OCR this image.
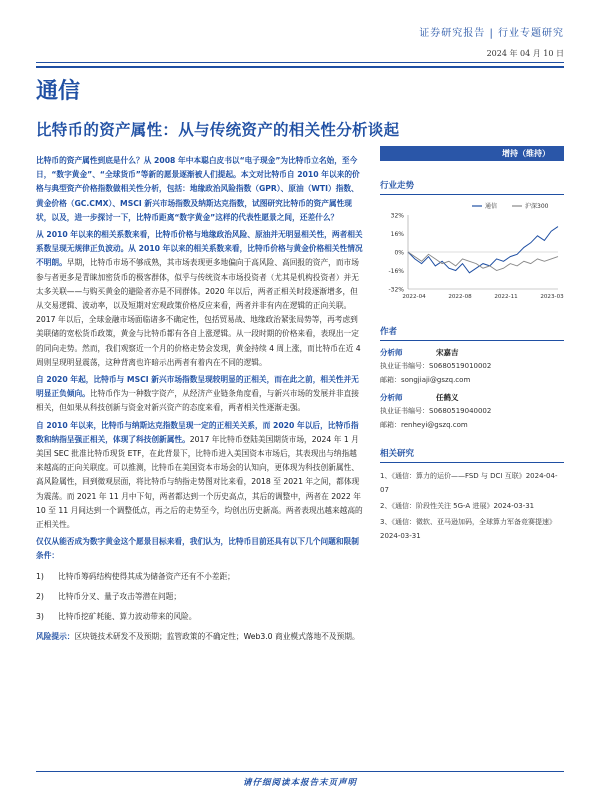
证券研究报告 | 行业专题研究
2024 年 04 月 10 日
通信
比特币的资产属性：从与传统资产的相关性分析谈起

比特币的资产属性到底是什么？从 2008 年中本聪白皮书以“电子现金”为比特币立名始，至今日，“数字黄金”、“全球货币”等新的愿景逐渐被人们提起。本文对比特币自 2010 年以来的价格与典型资产价格指数做相关性分析，包括：地缘政治风险指数（GPR）、原油（WTI）指数、黄金价格（GC.CMX）、MSCI 新兴市场指数及纳斯达克指数，试图研究比特币的资产属性现状，以及，进一步探讨一下，比特币距离“数字黄金”这样的代表性愿景之间，还差什么？

从 2010 年以来的相关系数来看，比特币价格与地缘政治风险、原油并无明显相关性，两者相关系数呈现无规律正负波动。从 2010 年以来的相关系数来看，比特币价格与黄金价格相关性情况不明朗。早期，比特币市场不够成熟，其市场表现更多地偏向于高风险、高回报的资产，而市场参与者更多是青睐加密货币的极客群体，似乎与传统资本市场投资者（尤其是机构投资者）并无太多关联——与购买黄金的避险者亦是不同群体。2020 年以后，两者正相关时段逐渐增多，但从交易逻辑、波动率，以及短期对宏观政策价格反应来看，两者并非有内在逻辑的正向关联。2017 年以后，全球金融市场面临诸多不确定性，包括贸易战、地缘政治紧张局势等，再考虑到美联储的宽松货币政策，黄金与比特币都有各自上涨逻辑。从一段时期的价格来看，表现出一定的同向走势。然而，我们观察近一个月的价格走势会发现，黄金持续 4 周上涨，而比特币在近 4 周则呈现明显震荡，这种背离也许暗示出两者有着内在不同的逻辑。

自 2020 年起，比特币与 MSCI 新兴市场指数呈现较明显的正相关，而在此之前，相关性并无明显正负倾向。比特币作为一种数字资产，从经济产业链条角度看，与新兴市场的发展并非直接相关，但如果从科技创新与资金对新兴资产的态度来看，两者相关性逐渐走强。

自 2010 年以来，比特币与纳斯达克指数呈现一定的正相关关系，而 2020 年以后，比特币指数和纳指呈强正相关，体现了科技创新属性。2017 年比特币登陆美国期货市场，2024 年 1 月美国 SEC 批准比特币现货 ETF，在此背景下，比特币进入美国资本市场后，其表现出与纳指越来越高的正向关联度。可以推测，比特币在美国资本市场会的认知向，更体现为科技创新属性、高风险属性，回到微观层面，将比特币与纳指走势图对比来看，2018 至 2021 年之间，都体现为震荡。而 2021 年 11 月中下旬，两者都达到一个历史高点，其后的调整中，两者在 2022 年 10 至 11 月间达到一个调整低点，再之后的走势至今，均创出历史新高。两者表现出越来越高的正相关性。

仅仅从能否成为数字黄金这个愿景目标来看，我们认为，比特币目前还具有以下几个问题和限制条件：

1)	比特币筹码结构使得其成为储备资产还有不小差距；
2)	比特币分叉、量子攻击等潜在问题；
3)	比特币挖矿耗能、算力波动带来的风险。

风险提示：区块链技术研发不及预期；监管政策的不确定性；Web3.0 商业模式落地不及预期。

增持（维持）
行业走势
32%
16%
0%
-16%
-32%
2022-04	2022-08	2022-11	2023-03
通信	沪深300
作者
分析师	宋嘉吉
执业证书编号：S0680519010002
邮箱：songjiaji@gszq.com
分析师	任鹤义
执业证书编号：S0680519040002
邮箱：renheyi@gszq.com
相关研究
1、《通信：算力的运价——FSD 与 DCI 互联》2024-04-07
2、《通信：阶段性关注 5G-A 进展》2024-03-31
3、《通信：微软、亚马逊加码，全球算力军备竞赛提速》2024-03-31
请仔细阅读本报告末页声明
